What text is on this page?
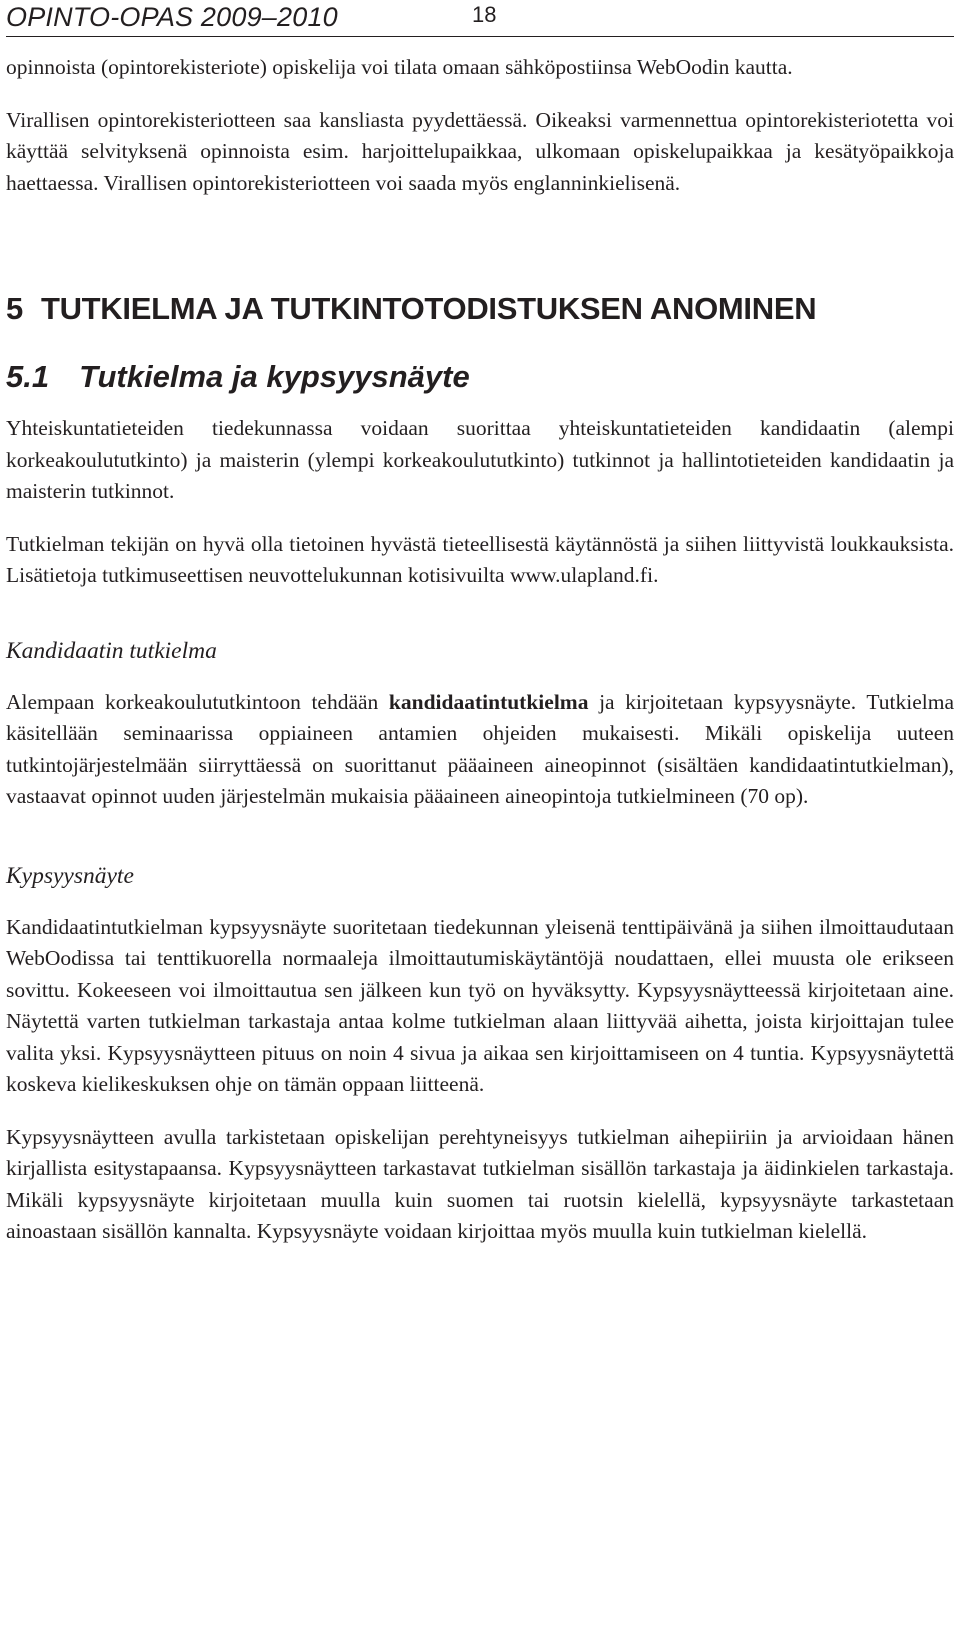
OPINTO-OPAS 2009–2010	18

opinnoista (opintorekisteriote) opiskelija voi tilata omaan sähköpostiinsa WebOodin kautta.

Virallisen opintorekisteriotteen saa kansliasta pyydettäessä. Oikeaksi varmennettua opintorekisteriotetta voi käyttää selvityksenä opinnoista esim. harjoittelupaikkaa, ulkomaan opiskelupaikkaa ja kesätyöpaikkoja haettaessa. Virallisen opintorekisteriotteen voi saada myös englanninkielisenä.

5 TUTKIELMA JA TUTKINTOTODISTUKSEN ANOMINEN
5.1 Tutkielma ja kypsyysnäyte

Yhteiskuntatieteiden tiedekunnassa voidaan suorittaa yhteiskuntatieteiden kandidaatin (alempi korkeakoulututkinto) ja maisterin (ylempi korkeakoulututkinto) tutkinnot ja hallintotieteiden kandidaatin ja maisterin tutkinnot.

Tutkielman tekijän on hyvä olla tietoinen hyvästä tieteellisestä käytännöstä ja siihen liittyvistä loukkauksista. Lisätietoja tutkimuseettisen neuvottelukunnan kotisivuilta www.ulapland.fi.

Kandidaatin tutkielma

Alempaan korkeakoulututkintoon tehdään kandidaatintutkielma ja kirjoitetaan kypsyysnäyte. Tutkielma käsitellään seminaarissa oppiaineen antamien ohjeiden mukaisesti. Mikäli opiskelija uuteen tutkintojärjestelmään siirryttäessä on suorittanut pääaineen aineopinnot (sisältäen kandidaatintutkielman), vastaavat opinnot uuden järjestelmän mukaisia pääaineen aineopintoja tutkielmineen (70 op).

Kypsyysnäyte

Kandidaatintutkielman kypsyysnäyte suoritetaan tiedekunnan yleisenä tenttipäivänä ja siihen ilmoittaudutaan WebOodissa tai tenttikuorella normaaleja ilmoittautumiskäytäntöjä noudattaen, ellei muusta ole erikseen sovittu. Kokeeseen voi ilmoittautua sen jälkeen kun työ on hyväksytty. Kypsyysnäytteessä kirjoitetaan aine. Näytettä varten tutkielman tarkastaja antaa kolme tutkielman alaan liittyvää aihetta, joista kirjoittajan tulee valita yksi. Kypsyysnäytteen pituus on noin 4 sivua ja aikaa sen kirjoittamiseen on 4 tuntia. Kypsyysnäytettä koskeva kielikeskuksen ohje on tämän oppaan liitteenä.

Kypsyysnäytteen avulla tarkistetaan opiskelijan perehtyneisyys tutkielman aihepiiriin ja arvioidaan hänen kirjallista esitystapaansa. Kypsyysnäytteen tarkastavat tutkielman sisällön tarkastaja ja äidinkielen tarkastaja. Mikäli kypsyysnäyte kirjoitetaan muulla kuin suomen tai ruotsin kielellä, kypsyysnäyte tarkastetaan ainoastaan sisällön kannalta. Kypsyysnäyte voidaan kirjoittaa myös muulla kuin tutkielman kielellä.
